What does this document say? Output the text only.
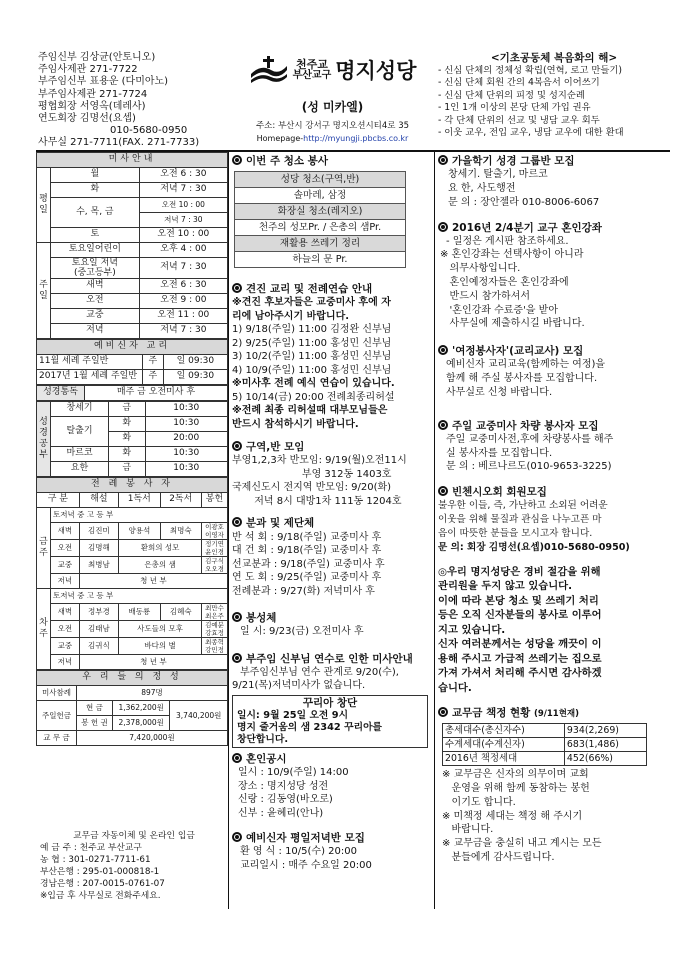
주임신부 김상균(안토니오)
주임사제관 271-7722
부주임신부 표용운 (다미아노)
부주임사제관 271-7724
평협회장 서영옥(데레사)
연도회장 김명선(요셉)
010-5680-0950
사무실 271-7711(FAX. 271-7733)
천주교
부산교구 명지성당
(성 미카엘)
주소: 부산시 강서구 명지오션시티4로 35
Homepage-http://myungji.pbcbs.co.kr
<기초공동체 복음화의 해>
- 신심 단체의 정체성 확립(연혁, 로고 만들기)
- 신심 단체 회원 간의 4복음서 이어쓰기
- 신심 단체 단위의 피정 및 성지순례
- 1인 1개 이상의 본당 단체 가입 권유
- 각 단체 단위의 선교 및 냉담 교우 회두
- 이웃 교우, 전입 교우, 냉담 교우에 대한 환대
미사안내		
평일	월	오전 6 : 30
	화	저녁 7 : 30
	수, 목, 금	오전 10 : 00
		저녁 7 : 30
	토	오전 10 : 00
주일	토요일어린이	오후 4 : 00
	토요일 저녁
(중고등부)	저녁 7 : 30

	새벽	오전 6 : 30
	오전	오전 9 : 00
	교중	오전 11 : 00
	저녁	저녁 7 : 30
예비신자 교리		
11월 세례 주일반	주	일 09:30
2017년 1월 세례 주일반	주	일 09:30
성경통독	매주 금 오전미사 후
성경공부	창세기	금	10:30
	탈출기	화	10:30
		화	20:00
	마르코	화	10:30
	요한	금	10:30
전 례 봉 사 자					
구 분		해설	1독서	2독서	봉헌
금주	토저녁 중 고 등 부				
	새벽	김진미	양용석	최명숙	이광호 이영자
	오전	김명해	환희의 성모		정기연 윤인경
	교중	최병남	은총의 샘		김구식 오오경
	저녁	청 년 부			
차주	토저녁 중 고 등 부				
	새벽	정부경	배동룡	김혜숙	최만수 최은주
	오전	김태남	사도들의 모후		김예분 강효정
	교중	김귀식	바다의 별		최종혁 강민정
	저녁	청 년 부			
우 리 들 의 정 성			
미사참례	897명		
주일헌금	현 금	1,362,200원	3,740,200원
	봉 헌 권	2,378,000원	
교 무 금	7,420,000원		
교무금 자동이체 및 온라인 입금
예 금 주 : 천주교 부산교구
농 협 : 301-0271-7711-61
부산은행 : 295-01-000818-1
경남은행 : 207-0015-0761-07
※입금 후 사무실로 전화주세요.
이번 주 청소 봉사
성당 청소(구역,반)
솔마레, 삼정
화장실 청소(레지오)
천주의 성모Pr. / 은총의 샘Pr.
재활용 쓰레기 정리
하늘의 문 Pr.
견진 교리 및 전례연습 안내
※견진 후보자들은 교중미사 후에 자
리에 남아주시기 바랍니다.
1) 9/18(주일) 11:00 김정완 신부님
2) 9/25(주일) 11:00 홍성민 신부님
3) 10/2(주일) 11:00 홍성민 신부님
4) 10/9(주일) 11:00 홍성민 신부님
※미사후 전례 예식 연습이 있습니다.
5) 10/14(금) 20:00 전례최종리허설
※전례 최종 리허설때 대부모님들은
반드시 참석하시기 바랍니다.
구역,반 모임
부영1,2,3차 반모임: 9/19(월)오전11시
부영 312동 1403호
국제신도시 전지역 반모임: 9/20(화)
저녁 8시 대방1차 111동 1204호
분과 및 제단체
반 석 회 : 9/18(주일) 교중미사 후
대 건 회 : 9/18(주일) 교중미사 후
선교분과 : 9/18(주일) 교중미사 후
연 도 회 : 9/25(주일) 교중미사 후
전례분과 : 9/27(화) 저녁미사 후
봉성체
일 시: 9/23(금) 오전미사 후
부주임 신부님 연수로 인한 미사안내
부주임신부님 연수 관계로 9/20(수),
9/21(목)저녁미사가 없습니다.
꾸리아 창단
일시: 9월 25일 오전 9시
명지 줄거움의 샘 2342 꾸리아를
창단합니다.
혼인공시
일시 : 10/9(주일) 14:00
장소 : 명지성당 성전
신랑 : 김동영(바오로)
신부 : 윤혜리(안나)
예비신자 평일저녁반 모집
환 영 식 : 10/5(수) 20:00
교리일시 : 매주 수요일 20:00
가을학기 성경 그룹반 모집
창세기. 탈출기, 마르코
요 한, 사도행전
문 의 : 장안젤라 010-8006-6067
2016년 2/4분기 교구 혼인강좌
- 일정은 게시판 참조하세요.
※ 혼인강좌는 선택사항이 아니라
의무사항입니다.
혼인예정자들은 혼인강좌에
반드시 참가하셔서
'혼인강좌 수료증'을 받아
사무실에 제출하시길 바랍니다.
'여정봉사자'(교리교사) 모집
예비신자 교리교육(함께하는 여정)을
함께 해 주실 봉사자를 모집합니다.
사무실로 신청 바랍니다.
주일 교중미사 차량 봉사자 모집
주일 교중미사전,후에 차량봉사를 해주
실 봉사자를 모집합니다.
문 의 : 베르나르도(010-9653-3225)
빈첸시오회 회원모집
불우한 이들, 즉, 가난하고 소외된 어려운
이웃을 위해 물질과 관심을 나누고픈 마
음이 따뜻한 분들을 모시고자 합니다.
문 의: 회장 김명선(요셉)010-5680-0950)
◎우리 명지성당은 경비 절감을 위해
관리원을 두지 않고 있습니다.
이에 따라 본당 청소 및 쓰레기 처리
등은 오직 신자분들의 봉사로 이루어
지고 있습니다.
신자 여러분께서는 성당을 깨끗이 이
용해 주시고 가급적 쓰레기는 집으로
가져 가셔서 처리해 주시면 감사하겠
습니다.
교무금 책정 현황 (9/11현재)
총세대수(총신자수)	934(2,269)
수계세대(수계신자)	683(1,486)
2016년 책정세대	452(66%)
※ 교무금은 신자의 의무이며 교회
운영을 위해 함께 동참하는 봉헌
이기도 합니다.
※ 미책정 세대는 책정 해 주시기
바랍니다.
※ 교무금을 충실히 내고 계시는 모든
분들에게 감사드립니다.
